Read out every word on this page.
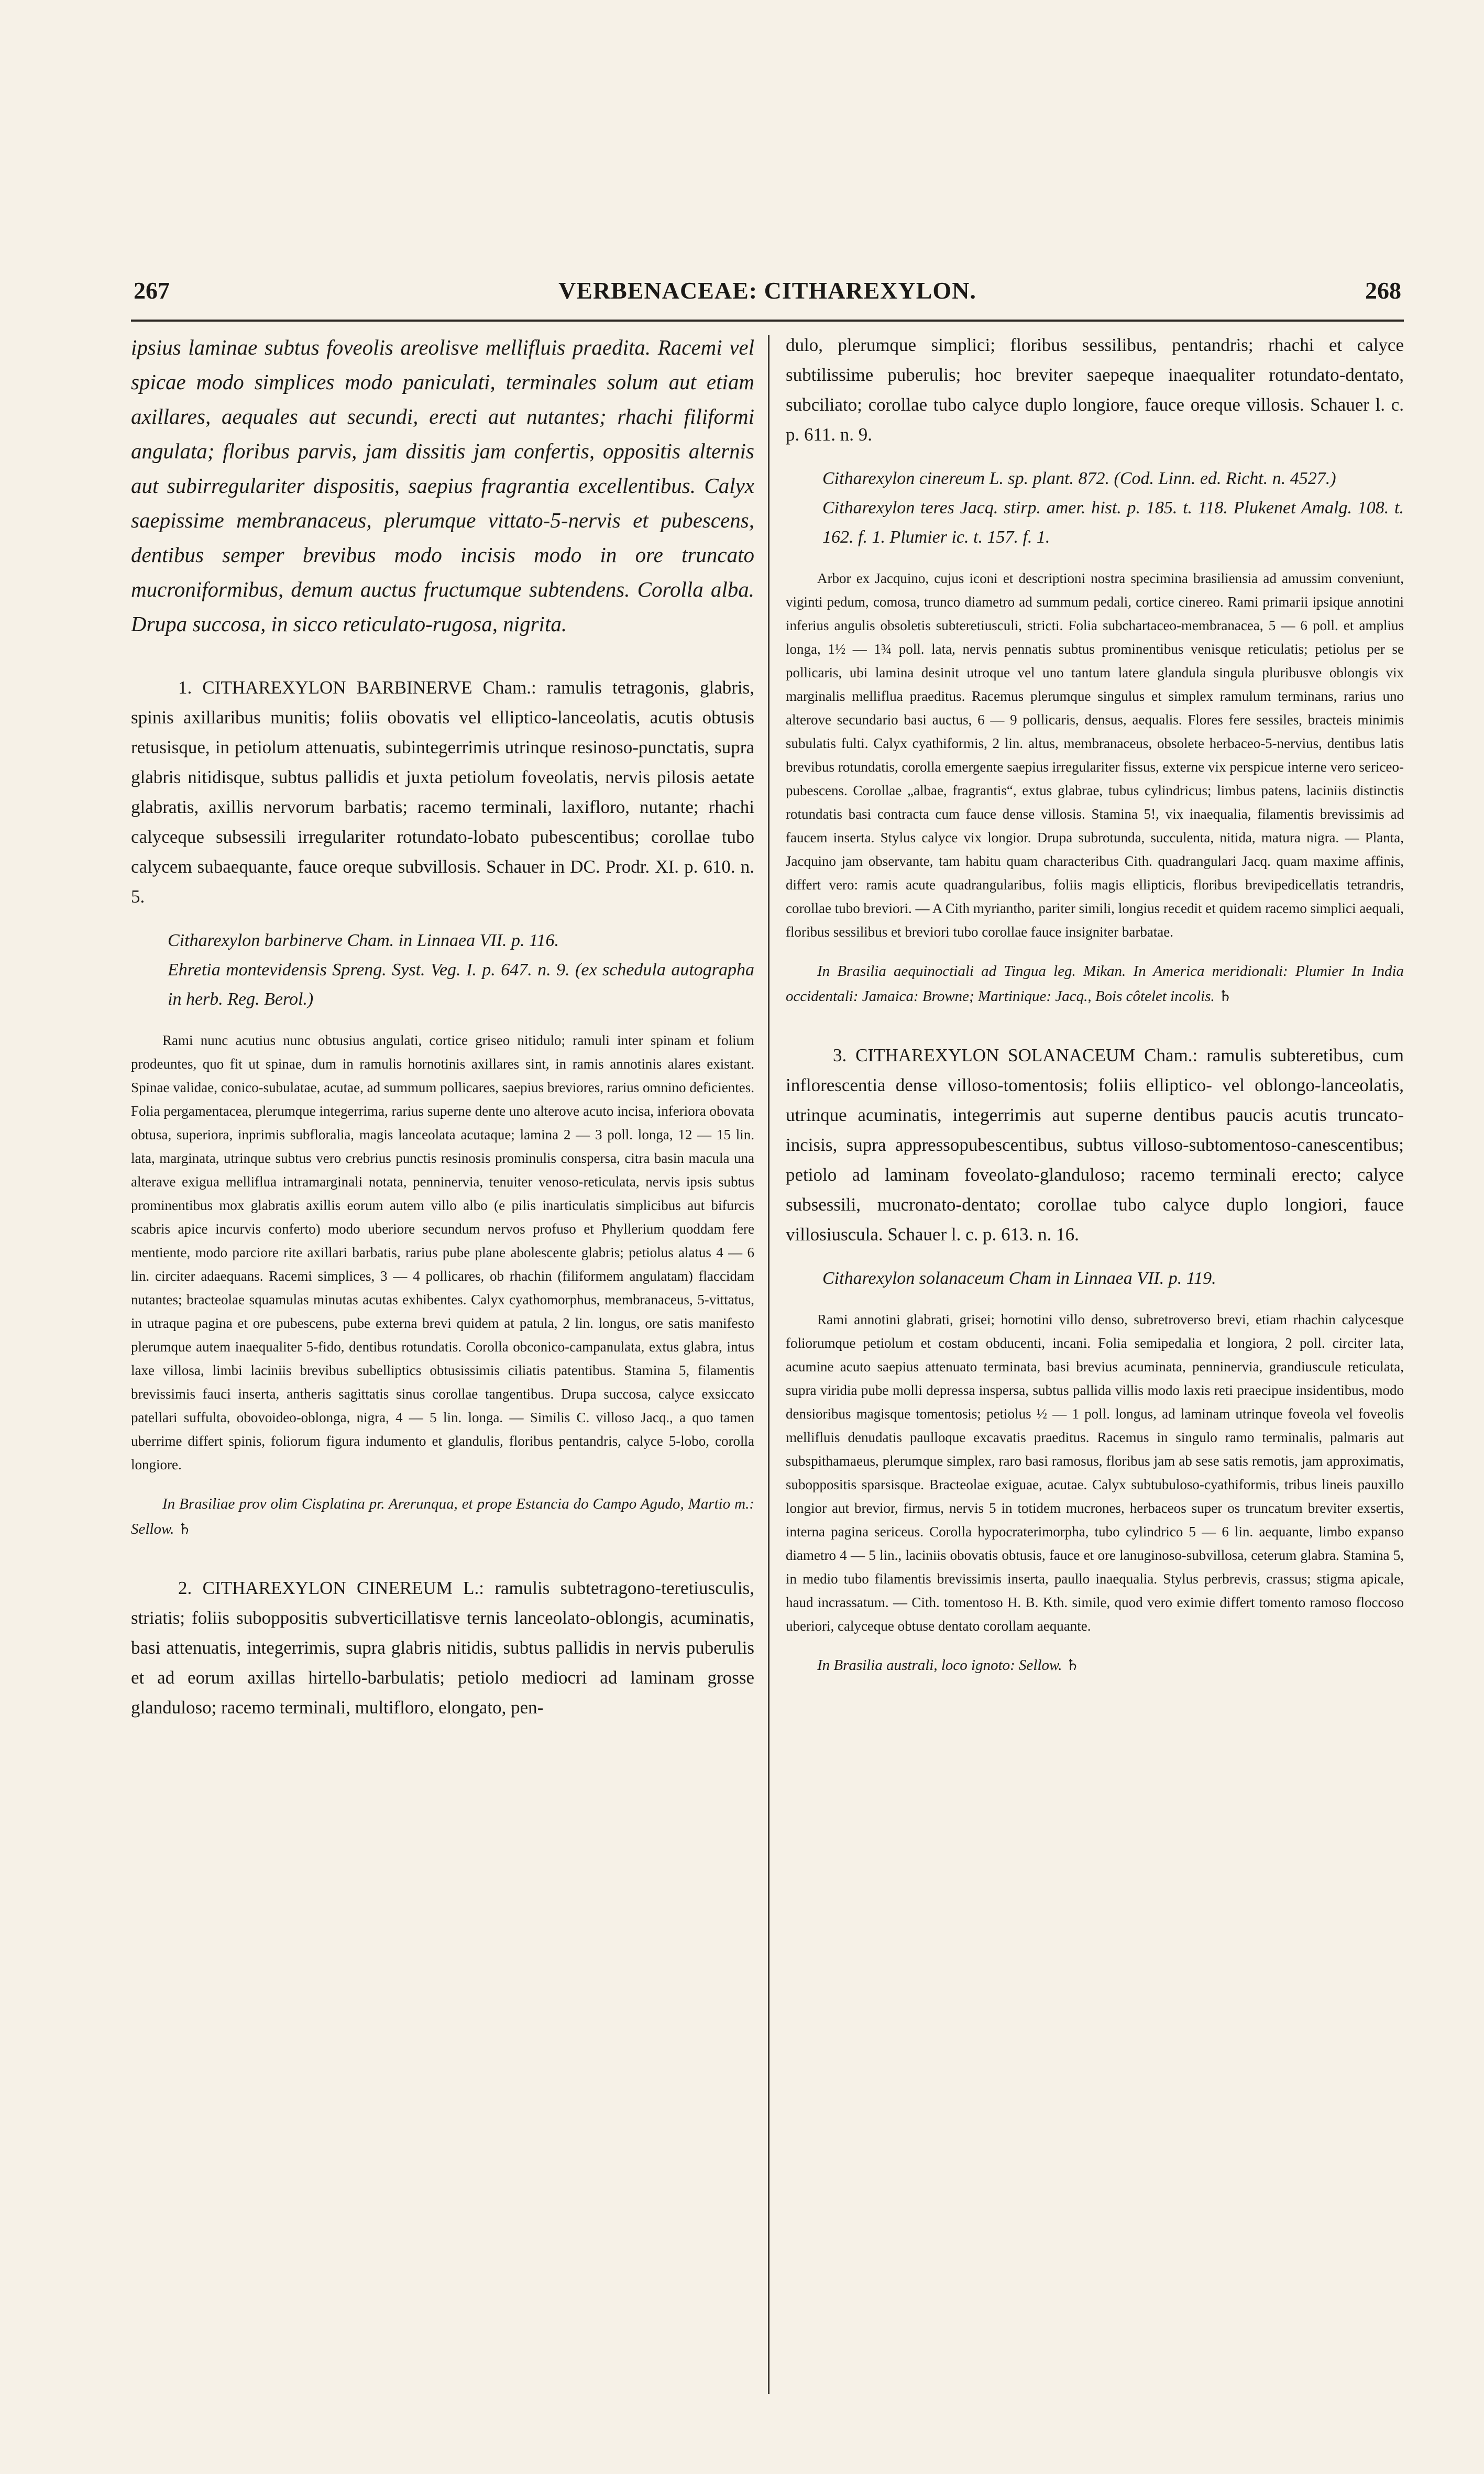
267	VERBENACEAE: CITHAREXYLON.	268

ipsius laminae subtus foveolis areolisve mellifluis praedita. Racemi vel spicae modo simplices modo paniculati, terminales solum aut etiam axillares, aequales aut secundi, erecti aut nutantes; rhachi filiformi angulata; floribus parvis, jam dissitis jam confertis, oppositis alternis aut subirregulariter dispositis, saepius fragrantia excellentibus. Calyx saepissime membranaceus, plerumque vittato-5-nervis et pubescens, dentibus semper brevibus modo incisis modo in ore truncato mucroniformibus, demum auctus fructumque subtendens. Corolla alba. Drupa succosa, in sicco reticulato-rugosa, nigrita.

1. CITHAREXYLON BARBINERVE Cham.: ramulis tetragonis, glabris, spinis axillaribus munitis; foliis obovatis vel elliptico-lanceolatis, acutis obtusis retusisque, in petiolum attenuatis, subintegerrimis utrinque resinoso-punctatis, supra glabris nitidisque, subtus pallidis et juxta petiolum foveolatis, nervis pilosis aetate glabratis, axillis nervorum barbatis; racemo terminali, laxifloro, nutante; rhachi calyceque subsessili irregulariter rotundato-lobato pubescentibus; corollae tubo calycem subaequante, fauce oreque subvillosis. Schauer in DC. Prodr. XI. p. 610. n. 5.

Citharexylon barbinerve Cham. in Linnaea VII. p. 116.

Ehretia montevidensis Spreng. Syst. Veg. I. p. 647. n. 9. (ex schedula autographa in herb. Reg. Berol.)

Rami nunc acutius nunc obtusius angulati, cortice griseo nitidulo; ramuli inter spinam et folium prodeuntes, quo fit ut spinae, dum in ramulis hornotinis axillares sint, in ramis annotinis alares existant. Spinae validae, conico-subulatae, acutae, ad summum pollicares, saepius breviores, rarius omnino deficientes. Folia pergamentacea, plerumque integerrima, rarius superne dente uno alterove acuto incisa, inferiora obovata obtusa, superiora, inprimis subfloralia, magis lanceolata acutaque; lamina 2 — 3 poll. longa, 12 — 15 lin. lata, marginata, utrinque subtus vero crebrius punctis resinosis prominulis conspersa, citra basin macula una alterave exigua melliflua intramarginali notata, penninervia, tenuiter venoso-reticulata, nervis ipsis subtus prominentibus mox glabratis axillis eorum autem villo albo (e pilis inarticulatis simplicibus aut bifurcis scabris apice incurvis conferto) modo uberiore secundum nervos profuso et Phyllerium quoddam fere mentiente, modo parciore rite axillari barbatis, rarius pube plane abolescente glabris; petiolus alatus 4 — 6 lin. circiter adaequans. Racemi simplices, 3 — 4 pollicares, ob rhachin (filiformem angulatam) flaccidam nutantes; bracteolae squamulas minutas acutas exhibentes. Calyx cyathomorphus, membranaceus, 5-vittatus, in utraque pagina et ore pubescens, pube externa brevi quidem at patula, 2 lin. longus, ore satis manifesto plerumque autem inaequaliter 5-fido, dentibus rotundatis. Corolla obconico-campanulata, extus glabra, intus laxe villosa, limbi laciniis brevibus subelliptics obtusissimis ciliatis patentibus. Stamina 5, filamentis brevissimis fauci inserta, antheris sagittatis sinus corollae tangentibus. Drupa succosa, calyce exsiccato patellari suffulta, obovoideo-oblonga, nigra, 4 — 5 lin. longa. — Similis C. villoso Jacq., a quo tamen uberrime differt spinis, foliorum figura indumento et glandulis, floribus pentandris, calyce 5-lobo, corolla longiore.

In Brasiliae prov olim Cisplatina pr. Arerunqua, et prope Estancia do Campo Agudo, Martio m.: Sellow. ♄

2. CITHAREXYLON CINEREUM L.: ramulis subtetragono-teretiusculis, striatis; foliis suboppositis subverticillatisve ternis lanceolato-oblongis, acuminatis, basi attenuatis, integerrimis, supra glabris nitidis, subtus pallidis in nervis puberulis et ad eorum axillas hirtello-barbulatis; petiolo mediocri ad laminam grosse glanduloso; racemo terminali, multifloro, elongato, pen-

dulo, plerumque simplici; floribus sessilibus, pentandris; rhachi et calyce subtilissime puberulis; hoc breviter saepeque inaequaliter rotundato-dentato, subciliato; corollae tubo calyce duplo longiore, fauce oreque villosis. Schauer l. c. p. 611. n. 9.

Citharexylon cinereum L. sp. plant. 872. (Cod. Linn. ed. Richt. n. 4527.)

Citharexylon teres Jacq. stirp. amer. hist. p. 185. t. 118. Plukenet Amalg. 108. t. 162. f. 1. Plumier ic. t. 157. f. 1.

Arbor ex Jacquino, cujus iconi et descriptioni nostra specimina brasiliensia ad amussim conveniunt, viginti pedum, comosa, trunco diametro ad summum pedali, cortice cinereo. Rami primarii ipsique annotini inferius angulis obsoletis subteretiusculi, stricti. Folia subchartaceo-membranacea, 5 — 6 poll. et amplius longa, 1½ — 1¾ poll. lata, nervis pennatis subtus prominentibus venisque reticulatis; petiolus per se pollicaris, ubi lamina desinit utroque vel uno tantum latere glandula singula pluribusve oblongis vix marginalis melliflua praeditus. Racemus plerumque singulus et simplex ramulum terminans, rarius uno alterove secundario basi auctus, 6 — 9 pollicaris, densus, aequalis. Flores fere sessiles, bracteis minimis subulatis fulti. Calyx cyathiformis, 2 lin. altus, membranaceus, obsolete herbaceo-5-nervius, dentibus latis brevibus rotundatis, corolla emergente saepius irregulariter fissus, externe vix perspicue interne vero sericeo-pubescens. Corollae „albae, fragrantis“, extus glabrae, tubus cylindricus; limbus patens, laciniis distinctis rotundatis basi contracta cum fauce dense villosis. Stamina 5!, vix inaequalia, filamentis brevissimis ad faucem inserta. Stylus calyce vix longior. Drupa subrotunda, succulenta, nitida, matura nigra. — Planta, Jacquino jam observante, tam habitu quam characteribus Cith. quadrangulari Jacq. quam maxime affinis, differt vero: ramis acute quadrangularibus, foliis magis ellipticis, floribus brevipedicellatis tetrandris, corollae tubo breviori. — A Cith myrianthо, pariter simili, longius recedit et quidem racemo simplici aequali, floribus sessilibus et breviori tubo corollae fauce insigniter barbatae.

In Brasilia aequinoctiali ad Tingua leg. Mikan. In America meridionali: Plumier In India occidentali: Jamaica: Browne; Martinique: Jacq., Bois côtelet incolis. ♄

3. CITHAREXYLON SOLANACEUM Cham.: ramulis subteretibus, cum inflorescentia dense villoso-tomentosis; foliis elliptico- vel oblongo-lanceolatis, utrinque acuminatis, integerrimis aut superne dentibus paucis acutis truncato-incisis, supra appressopubescentibus, subtus villoso-subtomentoso-canescentibus; petiolo ad laminam foveolato-glanduloso; racemo terminali erecto; calyce subsessili, mucronato-dentato; corollae tubo calyce duplo longiori, fauce villosiuscula. Schauer l. c. p. 613. n. 16.

Citharexylon solanaceum Cham in Linnaea VII. p. 119.

Rami annotini glabrati, grisei; hornotini villo denso, subretroverso brevi, etiam rhachin calycesque foliorumque petiolum et costam obducenti, incani. Folia semipedalia et longiora, 2 poll. circiter lata, acumine acuto saepius attenuato terminata, basi brevius acuminata, penninervia, grandiuscule reticulata, supra viridia pube molli depressa inspersa, subtus pallida villis modo laxis reti praecipue insidentibus, modo densioribus magisque tomentosis; petiolus ½ — 1 poll. longus, ad laminam utrinque foveola vel foveolis mellifluis denudatis paulloque excavatis praeditus. Racemus in singulo ramo terminalis, palmaris aut subspithamaeus, plerumque simplex, raro basi ramosus, floribus jam ab sese satis remotis, jam approximatis, suboppositis sparsisque. Bracteolae exiguae, acutae. Calyx subtubuloso-cyathiformis, tribus lineis pauxillo longior aut brevior, firmus, nervis 5 in totidem mucrones, herbaceos super os truncatum breviter exsertis, interna pagina sericeus. Corolla hypocraterimorpha, tubo cylindrico 5 — 6 lin. aequante, limbo expanso diametro 4 — 5 lin., laciniis obovatis obtusis, fauce et ore lanuginoso-subvillosa, ceterum glabra. Stamina 5, in medio tubo filamentis brevissimis inserta, paullo inaequalia. Stylus perbrevis, crassus; stigma apicale, haud incrassatum. — Cith. tomentoso H. B. Kth. simile, quod vero eximie differt tomento ramoso floccoso uberiori, calyceque obtuse dentato corollam aequante.

In Brasilia australi, loco ignoto: Sellow. ♄
